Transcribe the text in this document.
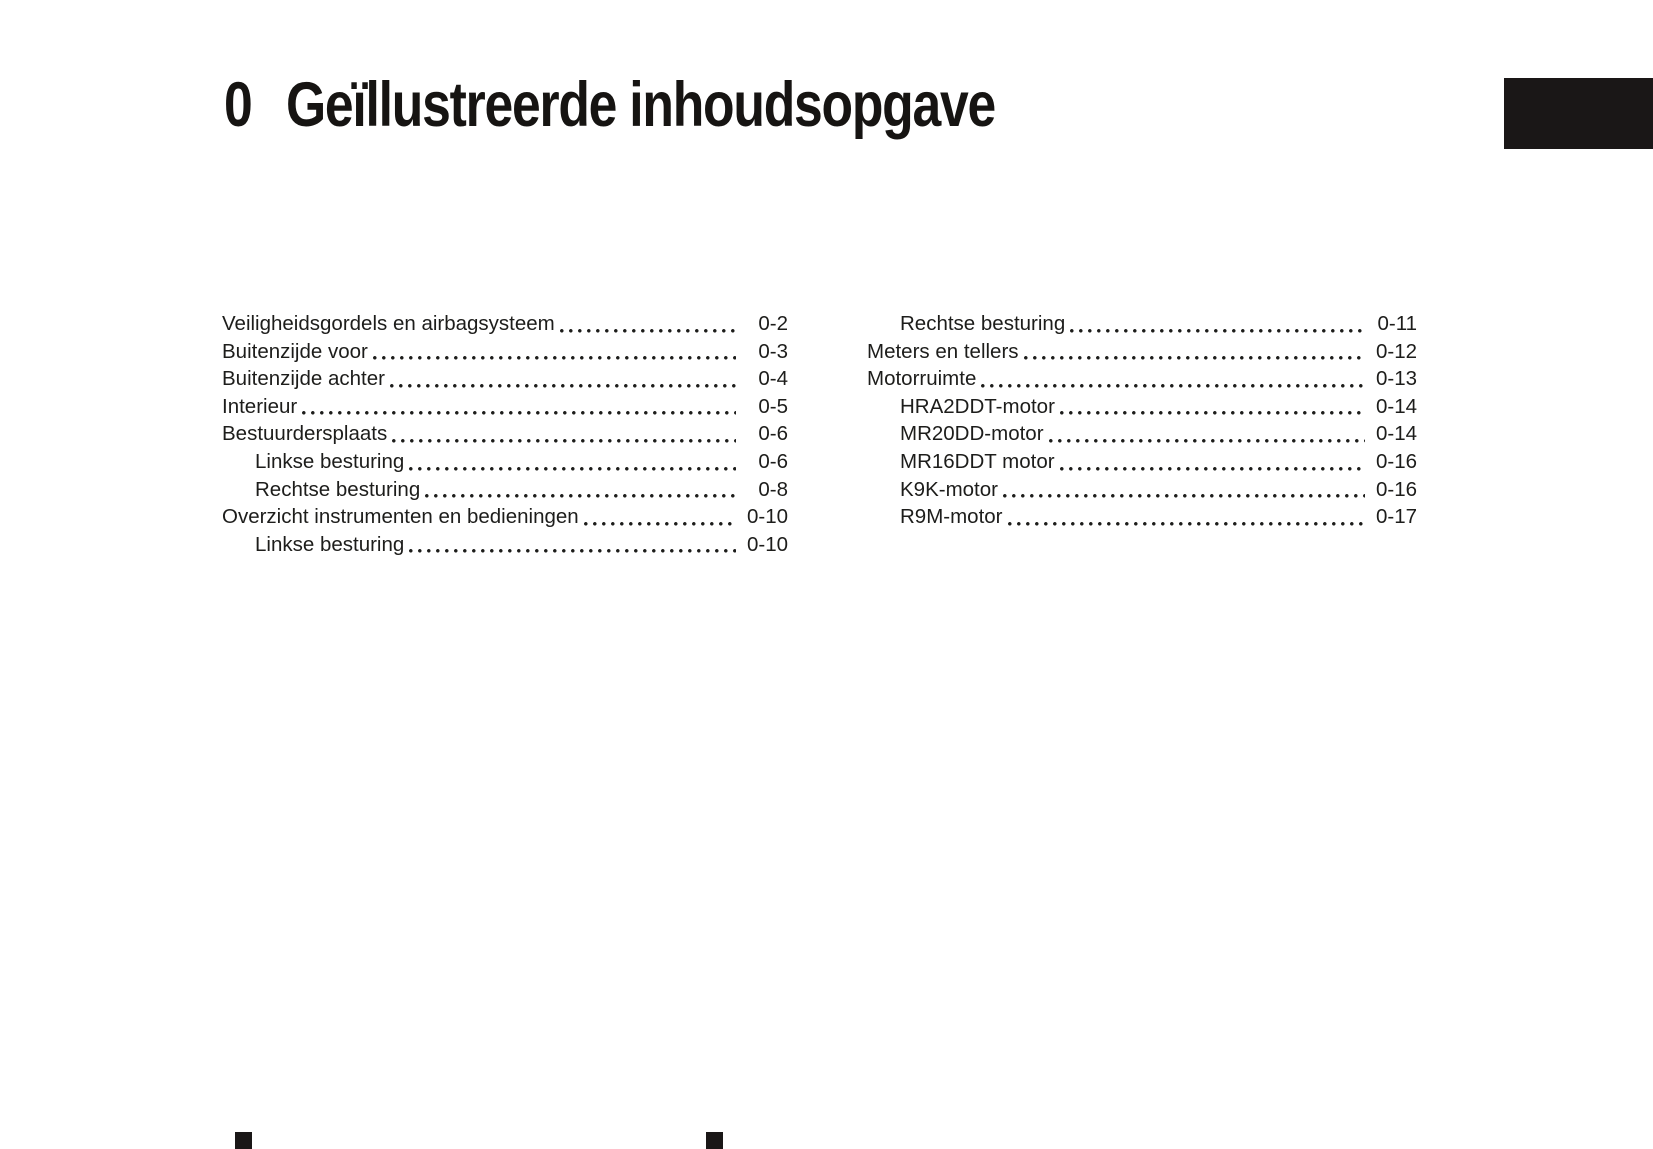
0 Geïllustreerde inhoudsopgave
Veiligheidsgordels en airbagsysteem	0-2
Buitenzijde voor	0-3
Buitenzijde achter	0-4
Interieur	0-5
Bestuurdersplaats	0-6
Linkse besturing	0-6
Rechtse besturing	0-8
Overzicht instrumenten en bedieningen	0-10
Linkse besturing	0-10
Rechtse besturing	0-11
Meters en tellers	0-12
Motorruimte	0-13
HRA2DDT-motor	0-14
MR20DD-motor	0-14
MR16DDT motor	0-16
K9K-motor	0-16
R9M-motor	0-17
